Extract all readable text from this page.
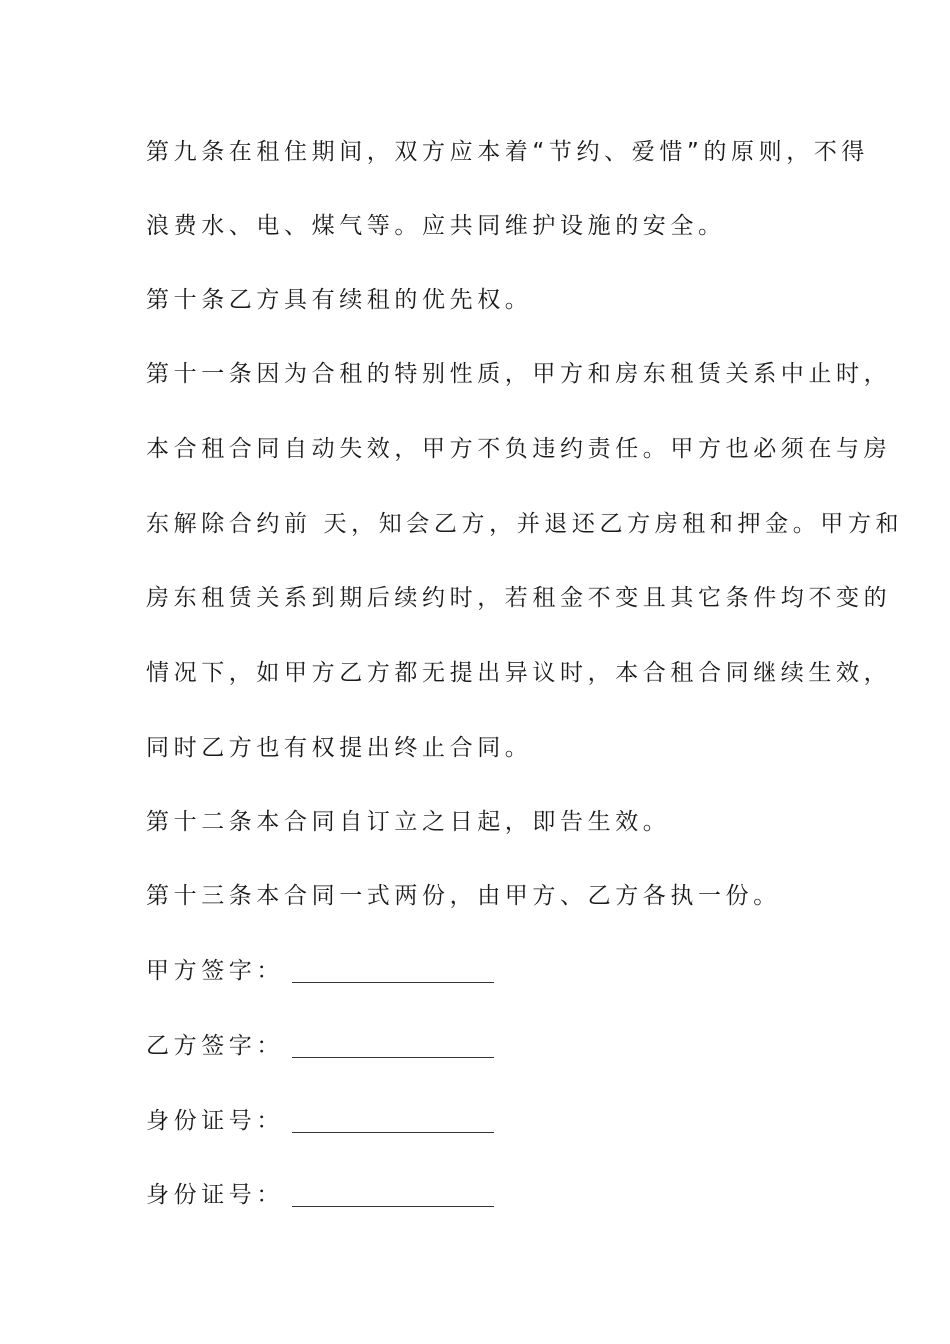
第九条在租住期间，双方应本着“节约、爱惜”的原则，不得
浪费水、电、煤气等。应共同维护设施的安全。
第十条乙方具有续租的优先权。
第十一条因为合租的特别性质，甲方和房东租赁关系中止时，
本合租合同自动失效，甲方不负违约责任。甲方也必须在与房
东解除合约前 天，知会乙方，并退还乙方房租和押金。甲方和
房东租赁关系到期后续约时，若租金不变且其它条件均不变的
情况下，如甲方乙方都无提出异议时，本合租合同继续生效，
同时乙方也有权提出终止合同。
第十二条本合同自订立之日起，即告生效。
第十三条本合同一式两份，由甲方、乙方各执一份。
甲方签字：
乙方签字：
身份证号：
身份证号：
